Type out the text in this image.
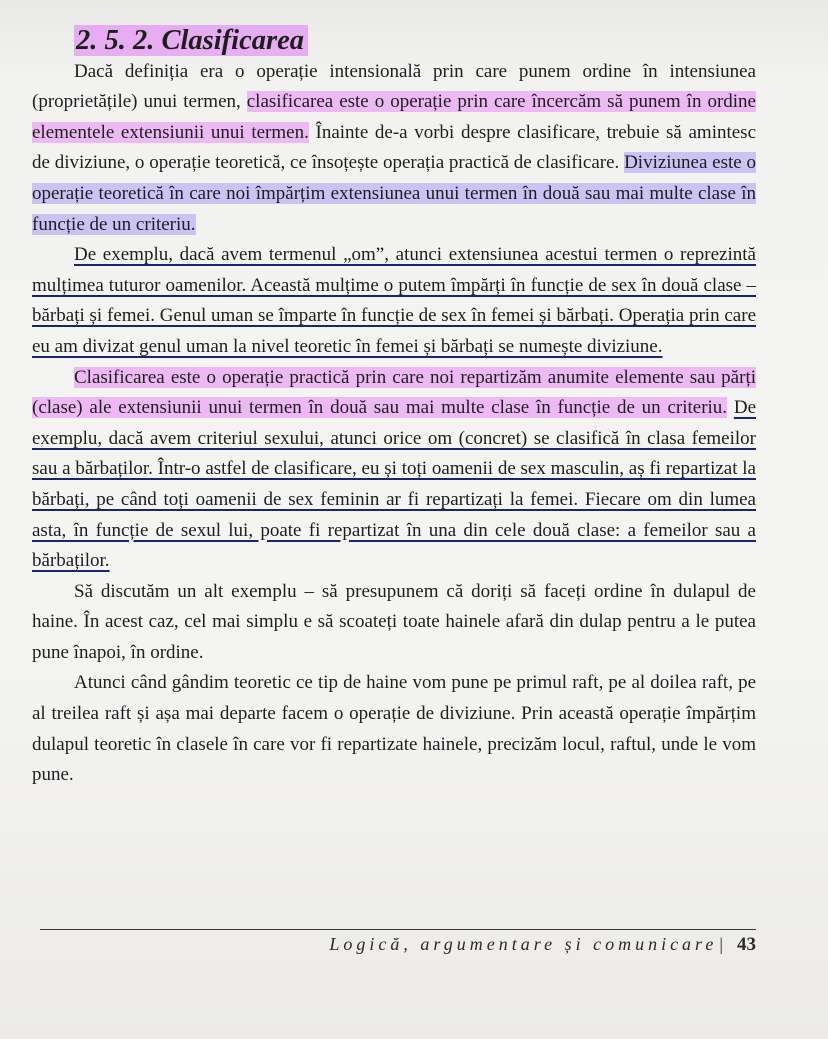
2. 5. 2. Clasificarea

Dacă definiția era o operație intensională prin care punem ordine în intensiunea (proprietățile) unui termen, clasificarea este o operație prin care încercăm să punem în ordine elementele extensiunii unui termen. Înainte de-a vorbi despre clasificare, trebuie să amintesc de diviziune, o operație teoretică, ce însoțește operația practică de clasificare. Diviziunea este o operație teoretică în care noi împărțim extensiunea unui termen în două sau mai multe clase în funcție de un criteriu.

De exemplu, dacă avem termenul „om”, atunci extensiunea acestui termen o reprezintă mulțimea tuturor oamenilor. Această mulțime o putem împărți în funcție de sex în două clase – bărbați și femei. Genul uman se împarte în funcție de sex în femei și bărbați. Operația prin care eu am divizat genul uman la nivel teoretic în femei și bărbați se numește diviziune.

Clasificarea este o operație practică prin care noi repartizăm anumite elemente sau părți (clase) ale extensiunii unui termen în două sau mai multe clase în funcție de un criteriu. De exemplu, dacă avem criteriul sexului, atunci orice om (concret) se clasifică în clasa femeilor sau a bărbaților. Într-o astfel de clasificare, eu și toți oamenii de sex masculin, aș fi repartizat la bărbați, pe când toți oamenii de sex feminin ar fi repartizați la femei. Fiecare om din lumea asta, în funcție de sexul lui, poate fi repartizat în una din cele două clase: a femeilor sau a bărbaților.

Să discutăm un alt exemplu – să presupunem că doriți să faceți ordine în dulapul de haine. În acest caz, cel mai simplu e să scoateți toate hainele afară din dulap pentru a le putea pune înapoi, în ordine.

Atunci când gândim teoretic ce tip de haine vom pune pe primul raft, pe al doilea raft, pe al treilea raft și așa mai departe facem o operație de diviziune. Prin această operație împărțim dulapul teoretic în clasele în care vor fi repartizate hainele, precizăm locul, raftul, unde le vom pune.

Logică, argumentare și comunicare | 43
